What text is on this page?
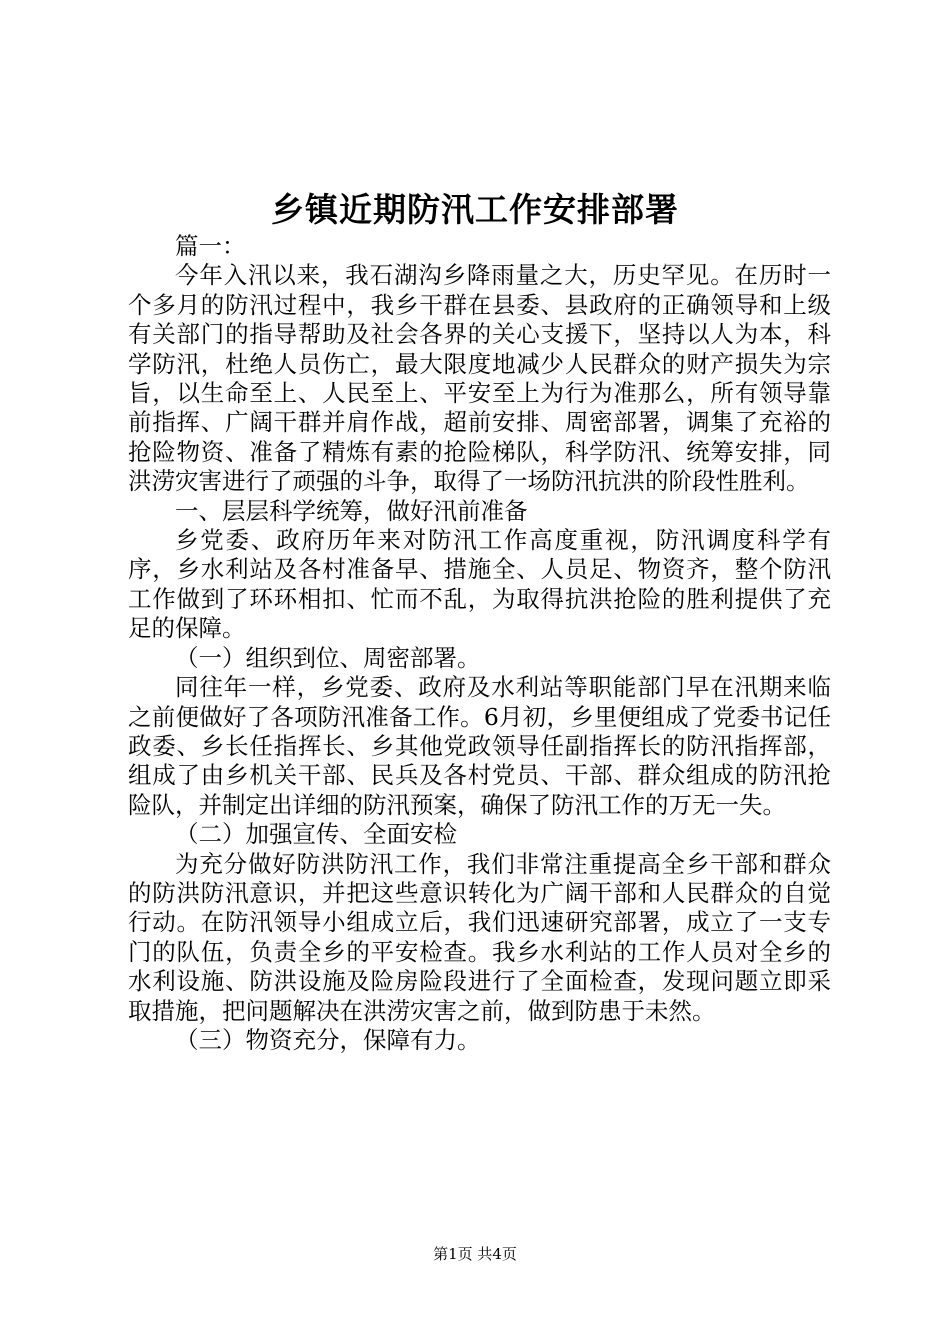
乡镇近期防汛工作安排部署

篇一：

今年入汛以来，我石湖沟乡降雨量之大，历史罕见。在历时一个多月的防汛过程中，我乡干群在县委、县政府的正确领导和上级有关部门的指导帮助及社会各界的关心支援下，坚持以人为本，科学防汛，杜绝人员伤亡，最大限度地减少人民群众的财产损失为宗旨，以生命至上、人民至上、平安至上为行为准那么，所有领导靠前指挥、广阔干群并肩作战，超前安排、周密部署，调集了充裕的抢险物资、准备了精炼有素的抢险梯队，科学防汛、统筹安排，同洪涝灾害进行了顽强的斗争，取得了一场防汛抗洪的阶段性胜利。

一、层层科学统筹，做好汛前准备

乡党委、政府历年来对防汛工作高度重视，防汛调度科学有序，乡水利站及各村准备早、措施全、人员足、物资齐，整个防汛工作做到了环环相扣、忙而不乱，为取得抗洪抢险的胜利提供了充足的保障。

（一）组织到位、周密部署。

同往年一样，乡党委、政府及水利站等职能部门早在汛期来临之前便做好了各项防汛准备工作。6月初，乡里便组成了党委书记任政委、乡长任指挥长、乡其他党政领导任副指挥长的防汛指挥部，组成了由乡机关干部、民兵及各村党员、干部、群众组成的防汛抢险队，并制定出详细的防汛预案，确保了防汛工作的万无一失。

（二）加强宣传、全面安检

为充分做好防洪防汛工作，我们非常注重提高全乡干部和群众的防洪防汛意识，并把这些意识转化为广阔干部和人民群众的自觉行动。在防汛领导小组成立后，我们迅速研究部署，成立了一支专门的队伍，负责全乡的平安检查。我乡水利站的工作人员对全乡的水利设施、防洪设施及险房险段进行了全面检查，发现问题立即采取措施，把问题解决在洪涝灾害之前，做到防患于未然。

（三）物资充分，保障有力。

第1页 共4页
